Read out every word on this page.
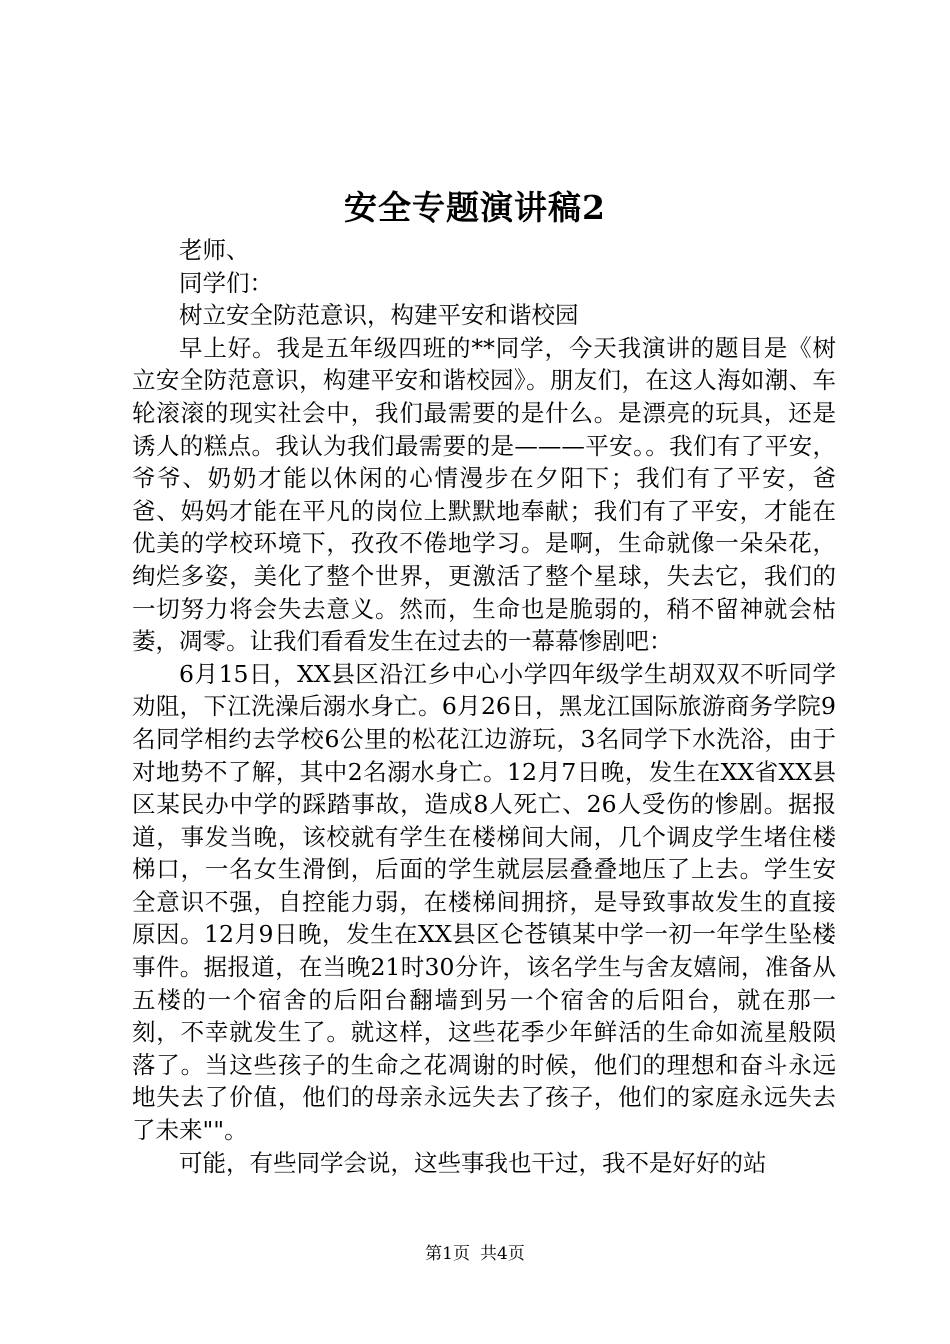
安全专题演讲稿2

老师、

同学们：

树立安全防范意识，构建平安和谐校园

早上好。我是五年级四班的**同学，今天我演讲的题目是《树立安全防范意识，构建平安和谐校园》。朋友们，在这人海如潮、车轮滚滚的现实社会中，我们最需要的是什么。是漂亮的玩具，还是诱人的糕点。我认为我们最需要的是———平安。。我们有了平安，爷爷、奶奶才能以休闲的心情漫步在夕阳下；我们有了平安，爸爸、妈妈才能在平凡的岗位上默默地奉献；我们有了平安，才能在优美的学校环境下，孜孜不倦地学习。是啊，生命就像一朵朵花，绚烂多姿，美化了整个世界，更激活了整个星球，失去它，我们的一切努力将会失去意义。然而，生命也是脆弱的，稍不留神就会枯萎，凋零。让我们看看发生在过去的一幕幕惨剧吧：

6月15日，XX县区沿江乡中心小学四年级学生胡双双不听同学劝阻，下江洗澡后溺水身亡。6月26日，黑龙江国际旅游商务学院9名同学相约去学校6公里的松花江边游玩，3名同学下水洗浴，由于对地势不了解，其中2名溺水身亡。12月7日晚，发生在XX省XX县区某民办中学的踩踏事故，造成8人死亡、26人受伤的惨剧。据报道，事发当晚，该校就有学生在楼梯间大闹，几个调皮学生堵住楼梯口，一名女生滑倒，后面的学生就层层叠叠地压了上去。学生安全意识不强，自控能力弱，在楼梯间拥挤，是导致事故发生的直接原因。12月9日晚，发生在XX县区仑苍镇某中学一初一年学生坠楼事件。据报道，在当晚21时30分许，该名学生与舍友嬉闹，准备从五楼的一个宿舍的后阳台翻墙到另一个宿舍的后阳台，就在那一刻，不幸就发生了。就这样，这些花季少年鲜活的生命如流星般陨落了。当这些孩子的生命之花凋谢的时候，他们的理想和奋斗永远地失去了价值，他们的母亲永远失去了孩子，他们的家庭永远失去了未来""。

可能，有些同学会说，这些事我也干过，我不是好好的站

第1页 共4页
